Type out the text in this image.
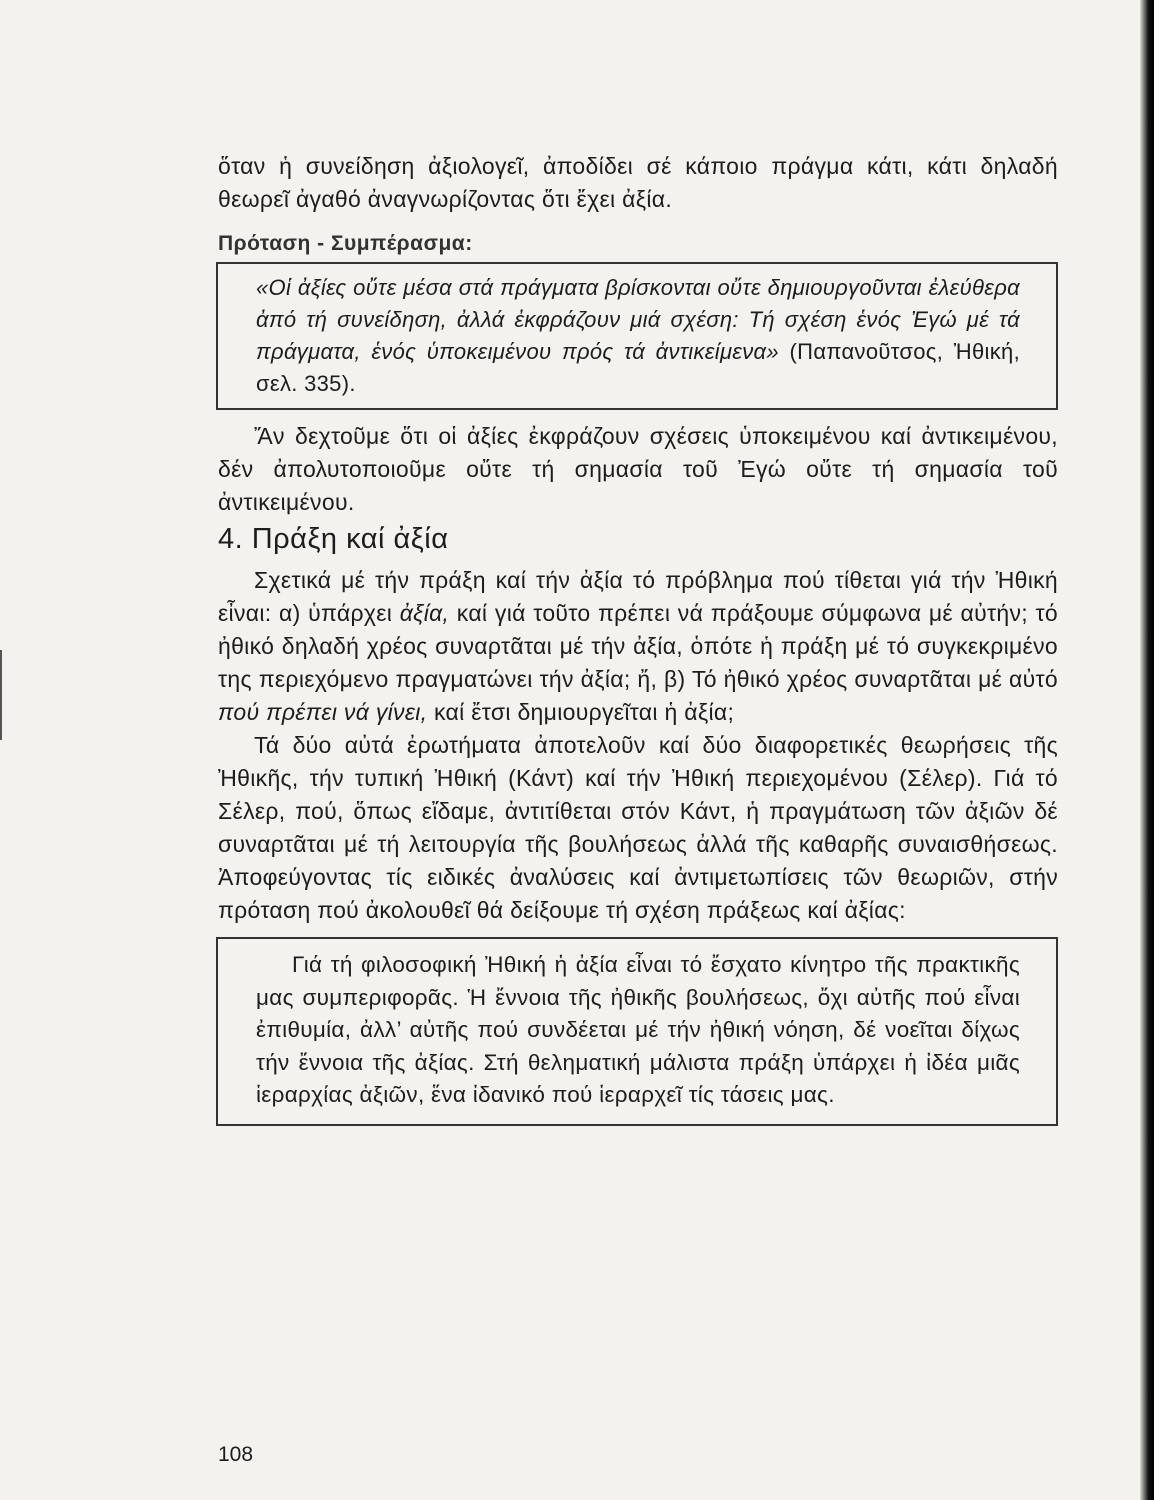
ὅταν ἡ συνείδηση ἀξιολογεῖ, ἀποδίδει σέ κάποιο πράγμα κάτι, κάτι δηλαδή θεωρεῖ ἀγαθό ἀναγνωρίζοντας ὅτι ἔχει ἀξία.

Πρόταση - Συμπέρασμα:

«Οἱ ἀξίες οὔτε μέσα στά πράγματα βρίσκονται οὔτε δημιουργοῦνται ἐλεύθερα ἀπό τή συνείδηση, ἀλλά ἐκφράζουν μιά σχέση: Τή σχέση ἑνός Ἐγώ μέ τά πράγματα, ἑνός ὑποκειμένου πρός τά ἀντικείμενα» (Παπανοῦτσος, Ἠθική, σελ. 335).

Ἄν δεχτοῦμε ὅτι οἱ ἀξίες ἐκφράζουν σχέσεις ὑποκειμένου καί ἀντικειμένου, δέν ἀπολυτοποιοῦμε οὔτε τή σημασία τοῦ Ἐγώ οὔτε τή σημασία τοῦ ἀντικειμένου.

4. Πράξη καί ἀξία

Σχετικά μέ τήν πράξη καί τήν ἀξία τό πρόβλημα πού τίθεται γιά τήν Ἠθική εἶναι: α) ὑπάρχει ἀξία, καί γιά τοῦτο πρέπει νά πράξουμε σύμφωνα μέ αὐτήν; τό ἠθικό δηλαδή χρέος συναρτᾶται μέ τήν ἀξία, ὁπότε ἡ πράξη μέ τό συγκεκριμένο της περιεχόμενο πραγματώνει τήν ἀξία; ἤ, β) Τό ἠθικό χρέος συναρτᾶται μέ αὐτό πού πρέπει νά γίνει, καί ἔτσι δημιουργεῖται ἡ ἀξία;

Τά δύο αὐτά ἐρωτήματα ἀποτελοῦν καί δύο διαφορετικές θεωρήσεις τῆς Ἠθικῆς, τήν τυπική Ἠθική (Κάντ) καί τήν Ἠθική περιεχομένου (Σέλερ). Γιά τό Σέλερ, πού, ὅπως εἴδαμε, ἀντιτίθεται στόν Κάντ, ἡ πραγμάτωση τῶν ἀξιῶν δέ συναρτᾶται μέ τή λειτουργία τῆς βουλήσεως ἀλλά τῆς καθαρῆς συναισθήσεως. Ἀποφεύγοντας τίς ειδικές ἀναλύσεις καί ἀντιμετωπίσεις τῶν θεωριῶν, στήν πρόταση πού ἀκολουθεῖ θά δείξουμε τή σχέση πράξεως καί ἀξίας:

Γιά τή φιλοσοφική Ἠθική ἡ ἀξία εἶναι τό ἔσχατο κίνητρο τῆς πρακτικῆς μας συμπεριφορᾶς. Ἡ ἔννοια τῆς ἠθικῆς βουλήσεως, ὄχι αὐτῆς πού εἶναι ἐπιθυμία, ἀλλ’ αὐτῆς πού συνδέεται μέ τήν ἠθική νόηση, δέ νοεῖται δίχως τήν ἔννοια τῆς ἀξίας. Στή θεληματική μάλιστα πράξη ὑπάρχει ἡ ἰδέα μιᾶς ἱεραρχίας ἀξιῶν, ἕνα ἰδανικό πού ἱεραρχεῖ τίς τάσεις μας.

108
